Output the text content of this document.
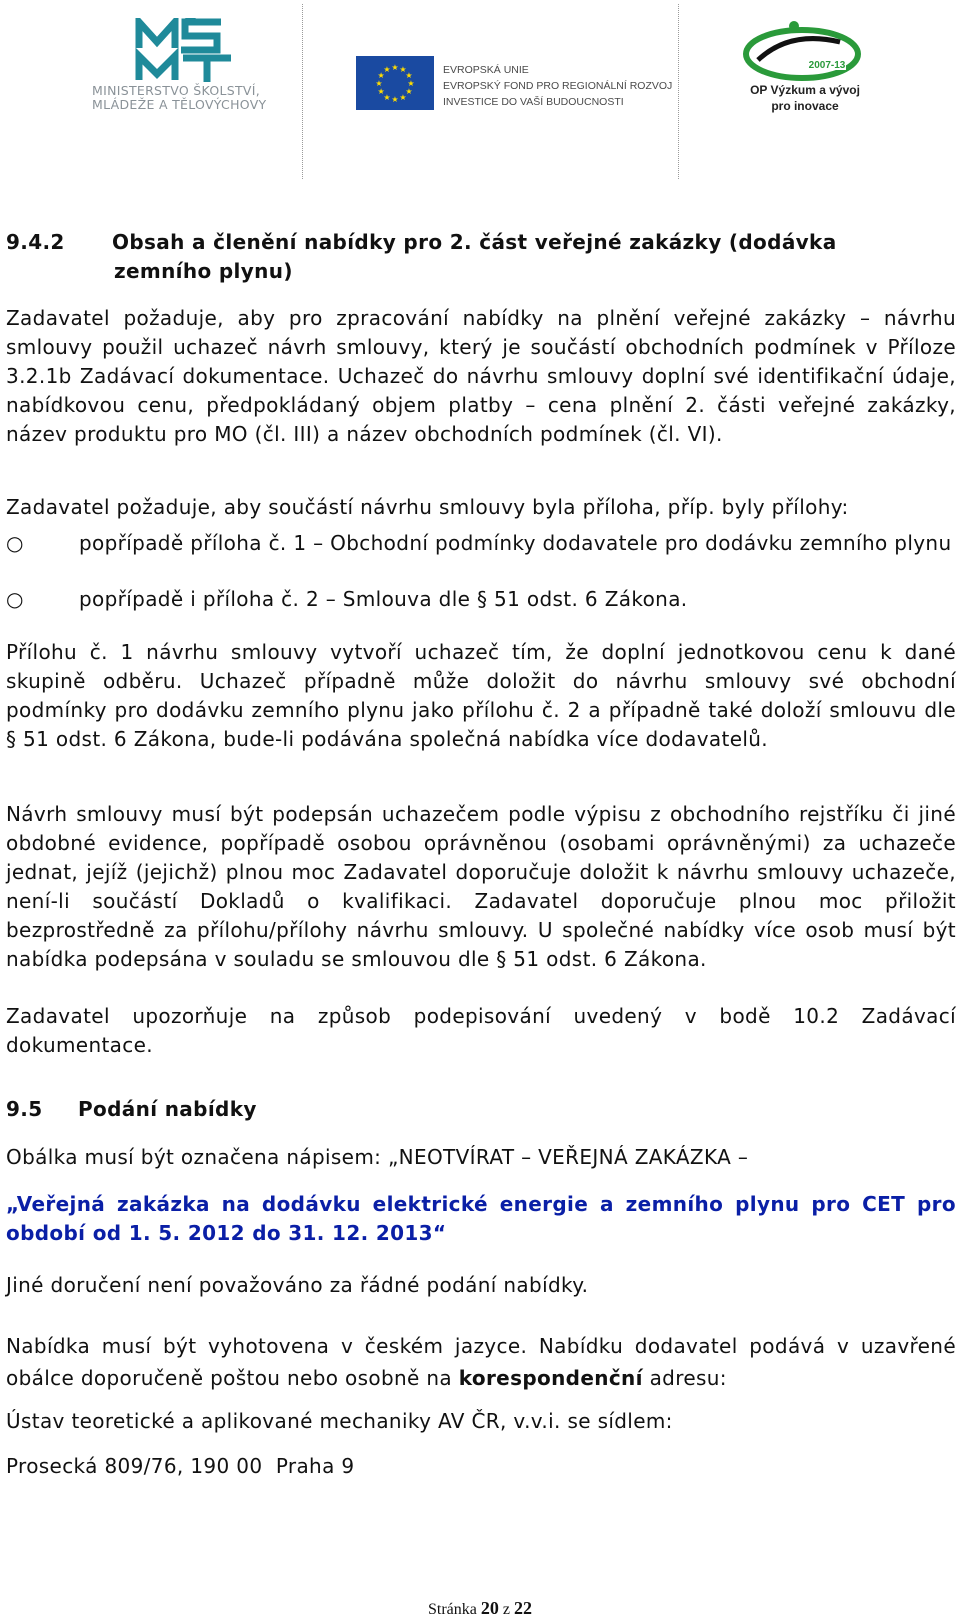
MINISTERSTVO ŠKOLSTVÍ,
MLÁDEŽE A TĚLOVÝCHOVY
★
★
★
★
★
★
★
★
★ ★ ★
★	EVROPSKÁ UNIE
EVROPSKÝ FOND PRO REGIONÁLNÍ ROZVOJ
INVESTICE DO VAŠÍ BUDOUCNOSTI
2007-13
OP Výzkum a vývoj
pro inovace
9.4.2 Obsah a členění nabídky pro 2. část veřejné zakázky (dodávka
zemního plynu)
Zadavatel požaduje, aby pro zpracování nabídky na plnění veřejné zakázky – návrhu smlouvy použil uchazeč návrh smlouvy, který je součástí obchodních podmínek v Příloze 3.2.1b Zadávací dokumentace. Uchazeč do návrhu smlouvy doplní své identifikační údaje, nabídkovou cenu, předpokládaný objem platby – cena plnění 2. části veřejné zakázky, název produktu pro MO (čl. III) a název obchodních podmínek (čl. VI).
Zadavatel požaduje, aby součástí návrhu smlouvy byla příloha, příp. byly přílohy:
○	popřípadě příloha č. 1 – Obchodní podmínky dodavatele pro dodávku zemního plynu
○	popřípadě i příloha č. 2 – Smlouva dle § 51 odst. 6 Zákona.
Přílohu č. 1 návrhu smlouvy vytvoří uchazeč tím, že doplní jednotkovou cenu k dané skupině odběru. Uchazeč případně může doložit do návrhu smlouvy své obchodní podmínky pro dodávku zemního plynu jako přílohu č. 2 a případně také doloží smlouvu dle § 51 odst. 6 Zákona, bude-li podávána společná nabídka více dodavatelů.
Návrh smlouvy musí být podepsán uchazečem podle výpisu z obchodního rejstříku či jiné obdobné evidence, popřípadě osobou oprávněnou (osobami oprávněnými) za uchazeče jednat, jejíž (jejichž) plnou moc Zadavatel doporučuje doložit k návrhu smlouvy uchazeče, není-li součástí Dokladů o kvalifikaci. Zadavatel doporučuje plnou moc přiložit bezprostředně za přílohu/přílohy návrhu smlouvy. U společné nabídky více osob musí být nabídka podepsána v souladu se smlouvou dle § 51 odst. 6 Zákona.
Zadavatel upozorňuje na způsob podepisování uvedený v bodě 10.2 Zadávací dokumentace.
9.5 Podání nabídky
Obálka musí být označena nápisem: „NEOTVÍRAT – VEŘEJNÁ ZAKÁZKA –
„Veřejná zakázka na dodávku elektrické energie a zemního plynu pro CET pro období od 1. 5. 2012 do 31. 12. 2013“
Jiné doručení není považováno za řádné podání nabídky.
Nabídka musí být vyhotovena v českém jazyce. Nabídku dodavatel podává v uzavřené obálce doporučeně poštou nebo osobně na korespondenční adresu:
Ústav teoretické a aplikované mechaniky AV ČR, v.v.i. se sídlem:
Prosecká 809/76, 190 00  Praha 9
Stránka 20 z 22
